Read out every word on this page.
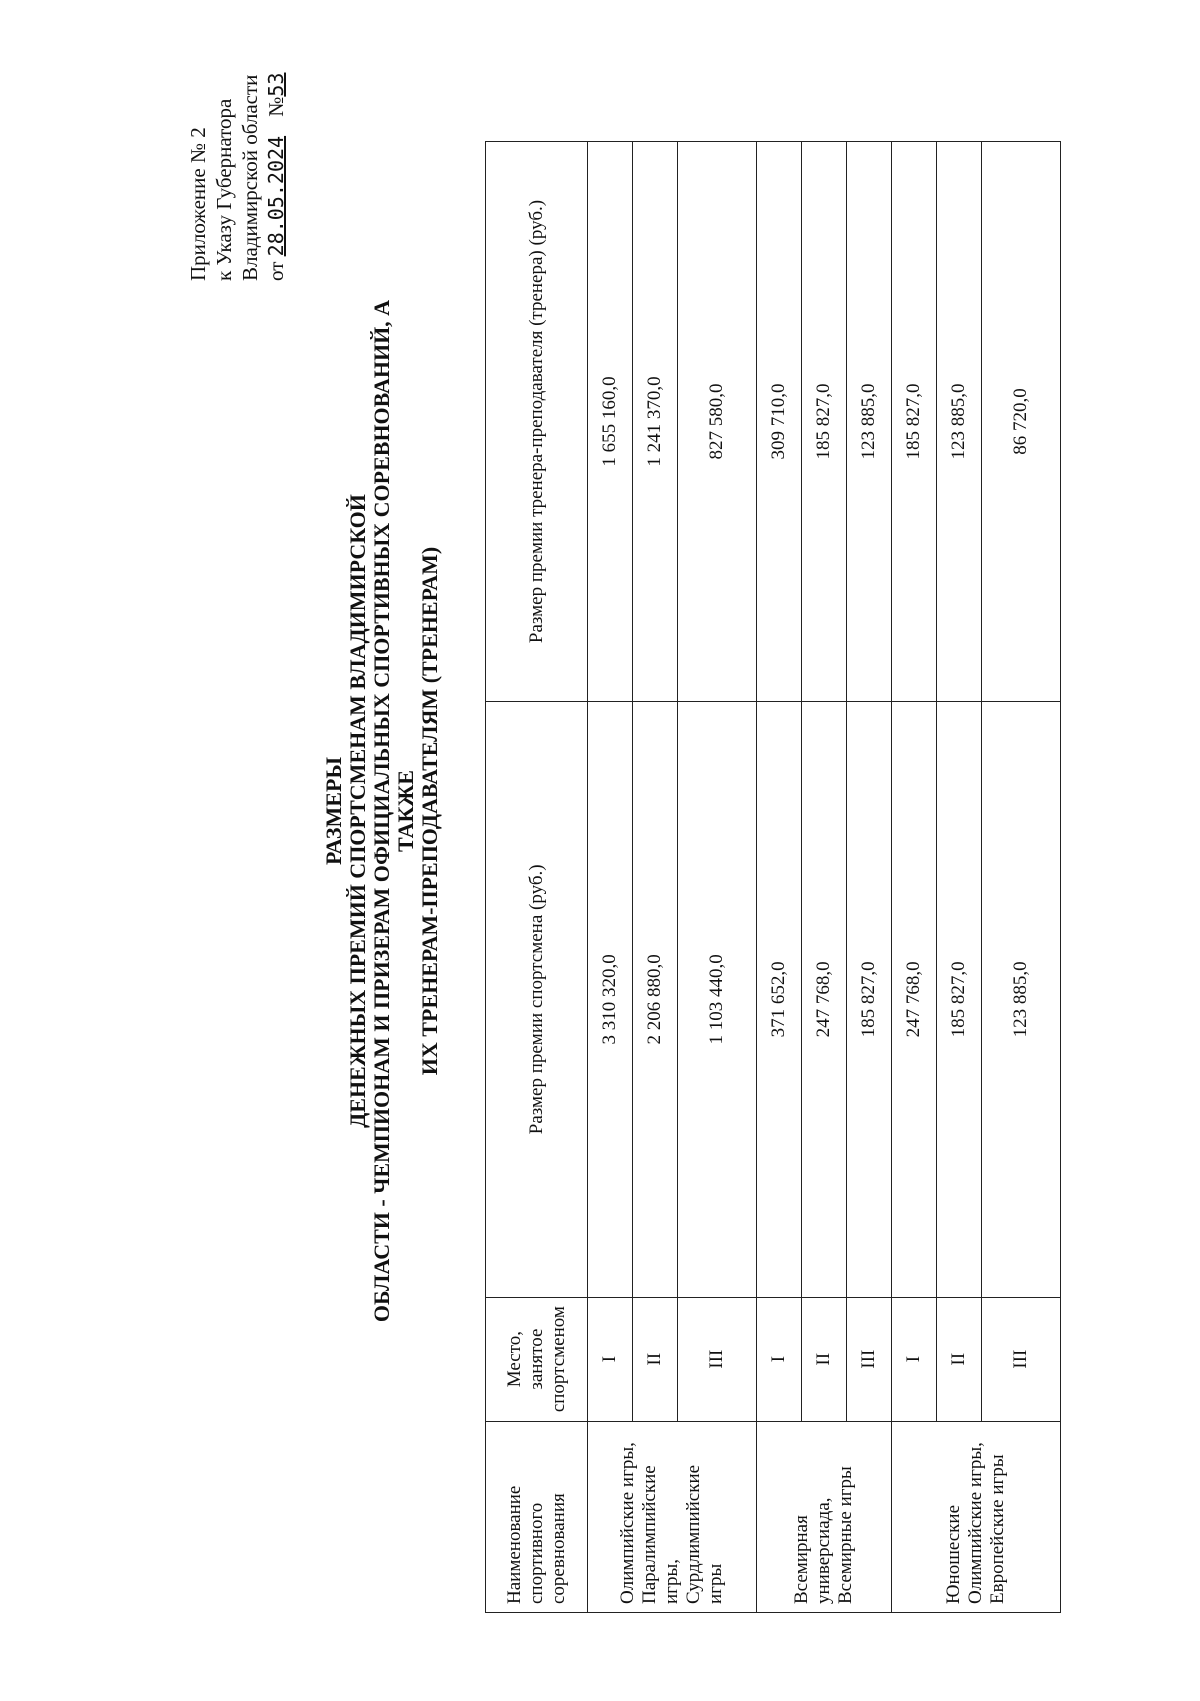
Приложение № 2 к Указу Губернатора Владимирской области от 28.05.2024 №53
РАЗМЕРЫ ДЕНЕЖНЫХ ПРЕМИЙ СПОРТСМЕНАМ ВЛАДИМИРСКОЙ ОБЛАСТИ - ЧЕМПИОНАМ И ПРИЗЕРАМ ОФИЦИАЛЬНЫХ СПОРТИВНЫХ СОРЕВНОВАНИЙ, А ТАКЖЕ ИХ ТРЕНЕРАМ-ПРЕПОДАВАТЕЛЯМ (ТРЕНЕРАМ)
Наименование спортивного соревнования	Место, занятое спортсменом	Размер премии спортсмена (руб.)	Размер премии тренера-преподавателя (тренера) (руб.)
Олимпийские игры, Паралимпийские игры, Сурдлимпийские игры	I	3 310 320,0	1 655 160,0
	II	2 206 880,0	1 241 370,0
	III	1 103 440,0	827 580,0
Всемирная универсиада, Всемирные игры	I	371 652,0	309 710,0
	II	247 768,0	185 827,0
	III	185 827,0	123 885,0
Юношеские Олимпийские игры, Европейские игры	I	247 768,0	185 827,0
	II	185 827,0	123 885,0
	III	123 885,0	86 720,0
